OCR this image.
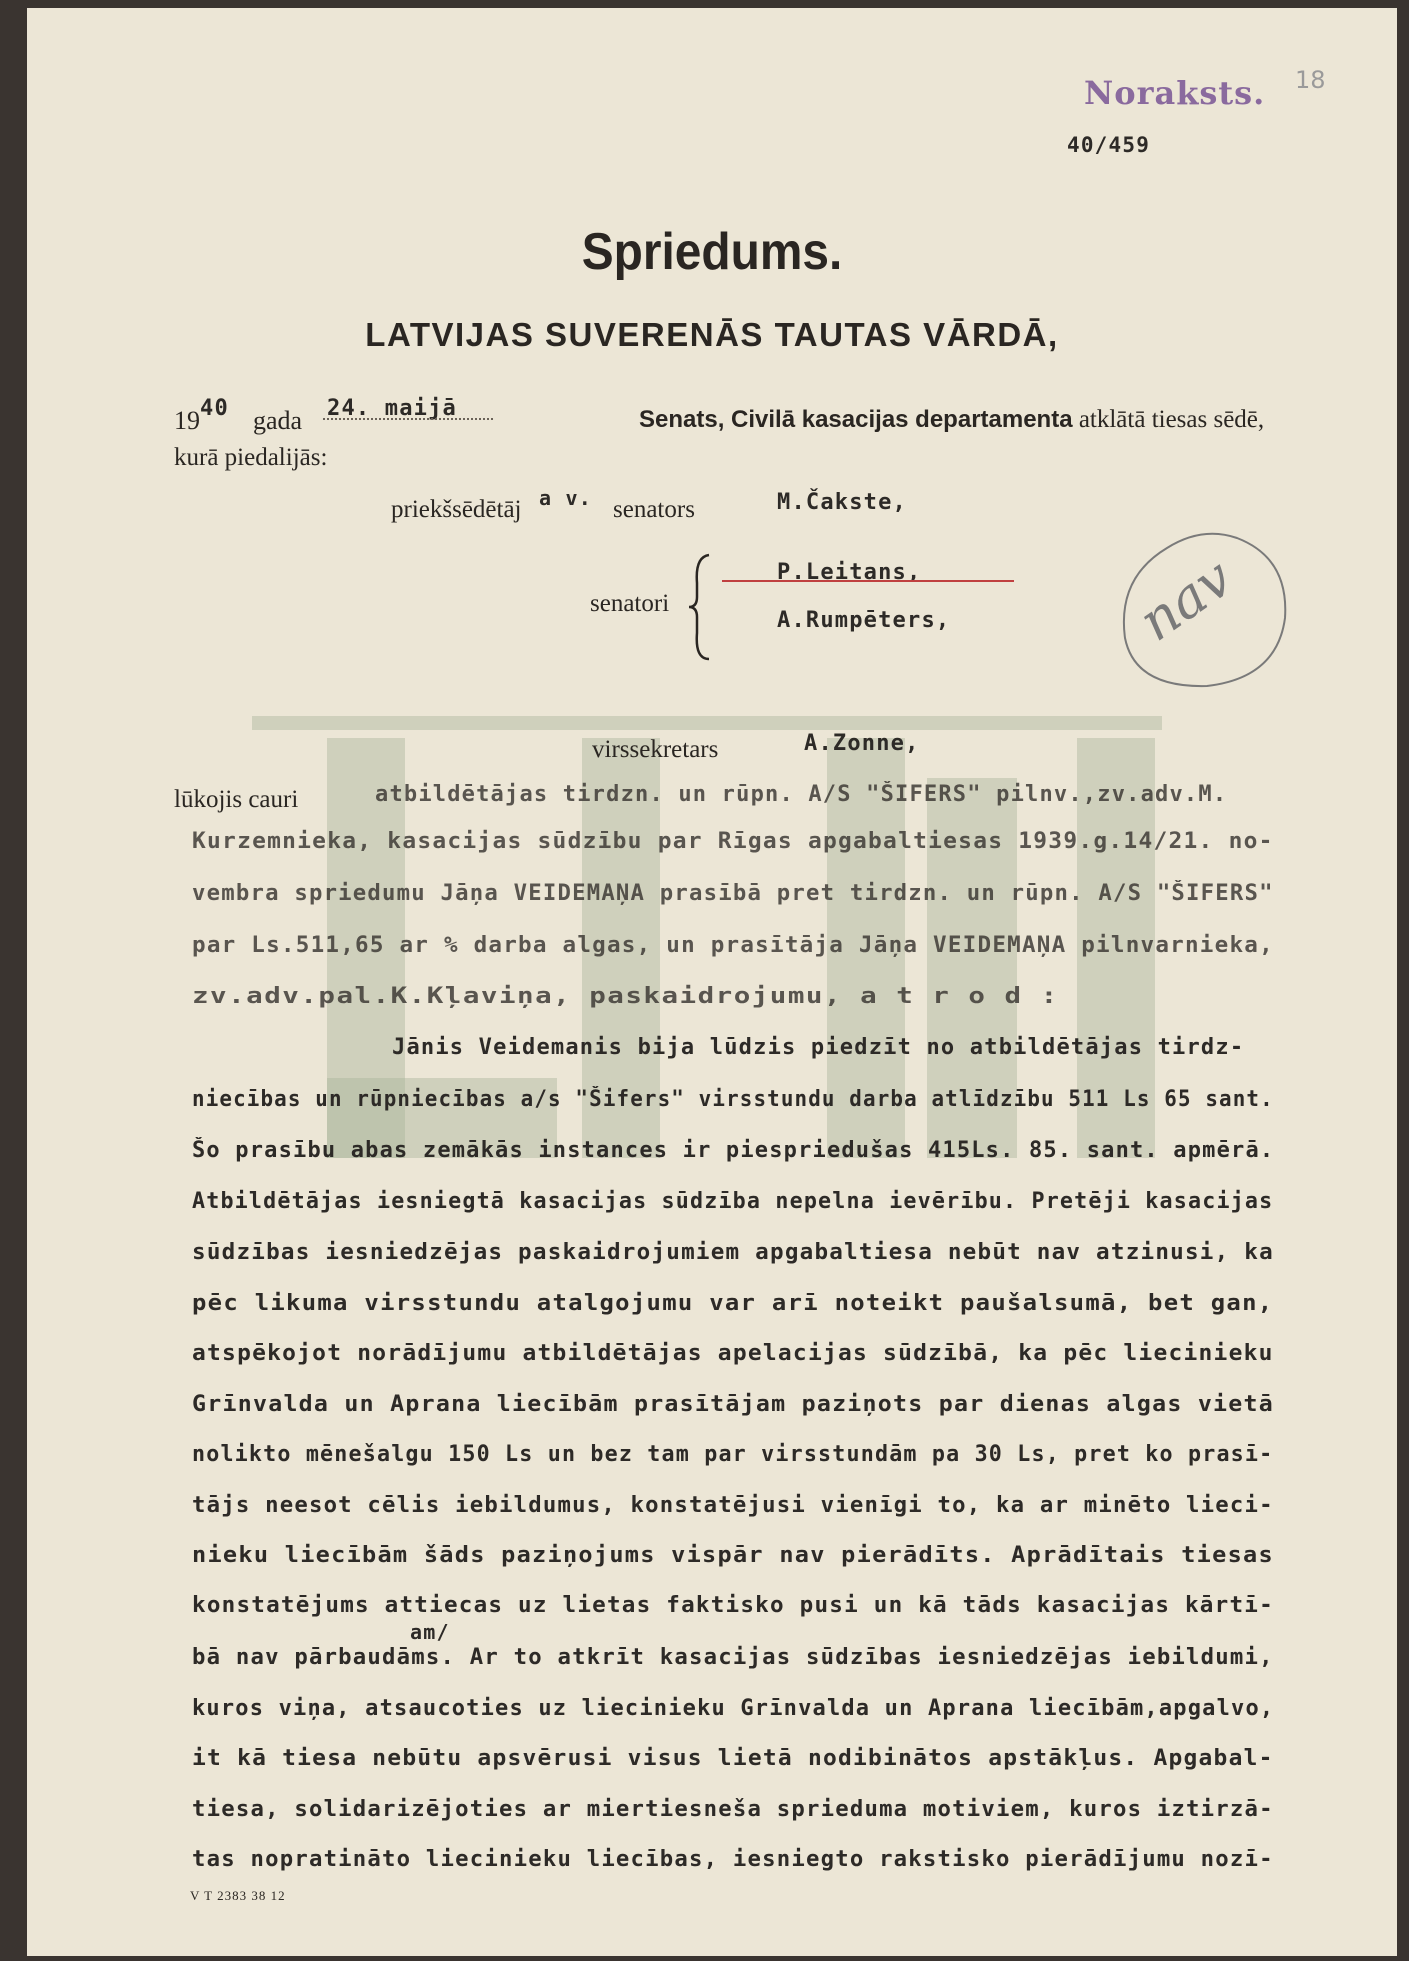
Noraksts. 18
40/459
Spriedums.
LATVIJAS SUVERENĀS TAUTAS VĀRDĀ,
19 40 gada 24. maijā	Senats, Civilā kasacijas departamenta atklātā tiesas sēdē,
kurā piedalijās:
priekšsēdētāj a v. senators	M.Čakste,
senatori
P.Leitans,
A.Rumpēters,	nav
virssekretars	A.Zonne,
lūkojis cauri	atbildētājas tirdzn. un rūpn. A/S "ŠIFERS" pilnv.,zv.adv.M.
Kurzemnieka, kasacijas sūdzību par Rīgas apgabaltiesas 1939.g.14/21. no-
vembra spriedumu Jāņa VEIDEMAŅA prasībā pret tirdzn. un rūpn. A/S "ŠIFERS"
par Ls.511,65 ar % darba algas, un prasītāja Jāņa VEIDEMAŅA pilnvarnieka,
zv.adv.pal.K.Kļaviņa, paskaidrojumu, a t r o d :
Jānis Veidemanis bija lūdzis piedzīt no atbildētājas tirdz-
niecības un rūpniecības a/s "Šifers" virsstundu darba atlīdzību 511 Ls 65 sant.
Šo prasību abas zemākās instances ir piespriedušas 415Ls. 85. sant. apmērā.
Atbildētājas iesniegtā kasacijas sūdzība nepelna ievērību. Pretēji kasacijas
sūdzības iesniedzējas paskaidrojumiem apgabaltiesa nebūt nav atzinusi, ka
pēc likuma virsstundu atalgojumu var arī noteikt paušalsumā, bet gan,
atspēkojot norādījumu atbildētājas apelacijas sūdzībā, ka pēc liecinieku
Grīnvalda un Aprana liecībām prasītājam paziņots par dienas algas vietā
nolikto mēnešalgu 150 Ls un bez tam par virsstundām pa 30 Ls, pret ko prasī-
tājs neesot cēlis iebildumus, konstatējusi vienīgi to, ka ar minēto lieci-
nieku liecībām šāds paziņojums vispār nav pierādīts. Aprādītais tiesas
konstatējums attiecas uz lietas faktisko pusi un kā tāds kasacijas kārtī-
am/
bā nav pārbaudāms. Ar to atkrīt kasacijas sūdzības iesniedzējas iebildumi,
kuros viņa, atsaucoties uz liecinieku Grīnvalda un Aprana liecībām,apgalvo,
it kā tiesa nebūtu apsvērusi visus lietā nodibinātos apstākļus. Apgabal-
tiesa, solidarizējoties ar miertiesneša sprieduma motiviem, kuros iztirzā-
tas nopratināto liecinieku liecības, iesniegto rakstisko pierādījumu nozī-
V T 2383 38 12
